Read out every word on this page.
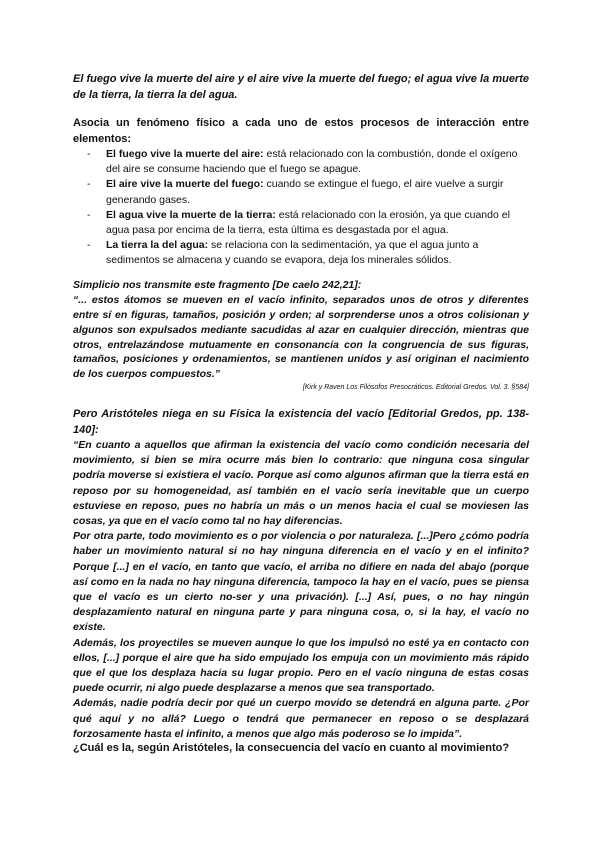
El fuego vive la muerte del aire y el aire vive la muerte del fuego; el agua vive la muerte de la tierra, la tierra la del agua.

Asocia un fenómeno físico a cada uno de estos procesos de interacción entre elementos:

- El fuego vive la muerte del aire: está relacionado con la combustión, donde el oxígeno del aire se consume haciendo que el fuego se apague.
- El aire vive la muerte del fuego: cuando se extingue el fuego, el aire vuelve a surgir generando gases.
- El agua vive la muerte de la tierra: está relacionado con la erosión, ya que cuando el agua pasa por encima de la tierra, esta última es desgastada por el agua.
- La tierra la del agua: se relaciona con la sedimentación, ya que el agua junto a sedimentos se almacena y cuando se evapora, deja los minerales sólidos.

Simplicio nos transmite este fragmento [De caelo 242,21]:

“... estos átomos se mueven en el vacío infinito, separados unos de otros y diferentes entre sí en figuras, tamaños, posición y orden; al sorprenderse unos a otros colisionan y algunos son expulsados mediante sacudidas al azar en cualquier dirección, mientras que otros, entrelazándose mutuamente en consonancia con la congruencia de sus figuras, tamaños, posiciones y ordenamientos, se mantienen unidos y así originan el nacimiento de los cuerpos compuestos.”

[Kirk y Raven Los Filósofos Presocráticos. Editorial Gredos. Vol. 3. §584]

Pero Aristóteles niega en su Física la existencia del vacío [Editorial Gredos, pp. 138-140]:

“En cuanto a aquellos que afirman la existencia del vacío como condición necesaria del movimiento, si bien se mira ocurre más bien lo contrario: que ninguna cosa singular podría moverse si existiera el vacío. Porque así como algunos afirman que la tierra está en reposo por su homogeneidad, así también en el vacío sería inevitable que un cuerpo estuviese en reposo, pues no habría un más o un menos hacia el cual se moviesen las cosas, ya que en el vacío como tal no hay diferencias.

Por otra parte, todo movimiento es o por violencia o por naturaleza. [...]Pero ¿cómo podría haber un movimiento natural si no hay ninguna diferencia en el vacío y en el infinito? Porque [...] en el vacío, en tanto que vacío, el arriba no difiere en nada del abajo (porque así como en la nada no hay ninguna diferencia, tampoco la hay en el vacío, pues se piensa que el vacío es un cierto no-ser y una privación). [...] Así, pues, o no hay ningún desplazamiento natural en ninguna parte y para ninguna cosa, o, si la hay, el vacío no existe.

Además, los proyectiles se mueven aunque lo que los impulsó no esté ya en contacto con ellos, [...] porque el aire que ha sido empujado los empuja con un movimiento más rápido que el que los desplaza hacia su lugar propio. Pero en el vacío ninguna de estas cosas puede ocurrir, ni algo puede desplazarse a menos que sea transportado.

Además, nadie podría decir por qué un cuerpo movido se detendrá en alguna parte. ¿Por qué aquí y no allá? Luego o tendrá que permanecer en reposo o se desplazará forzosamente hasta el infinito, a menos que algo más poderoso se lo impida”.

¿Cuál es la, según Aristóteles, la consecuencia del vacío en cuanto al movimiento?
